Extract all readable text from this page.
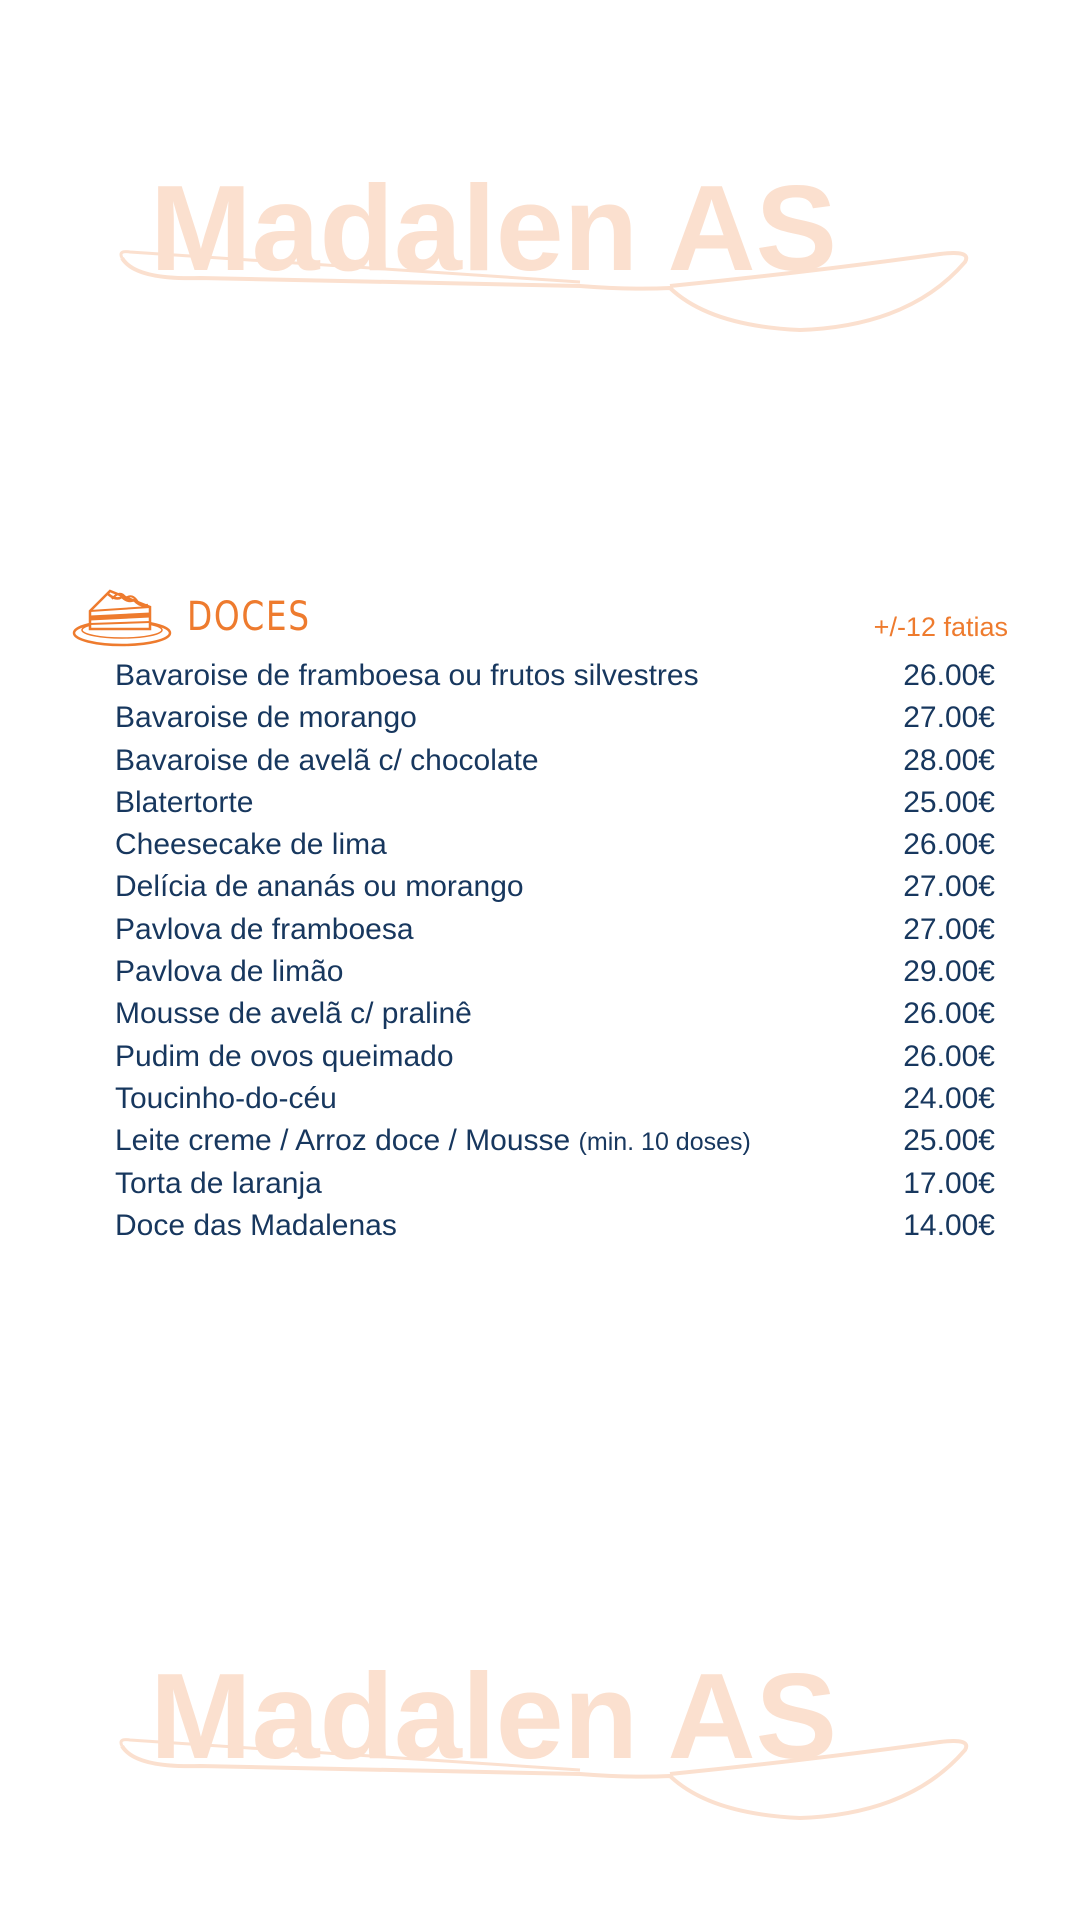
Madalen AS
DOCES	+/-12 fatias
Bavaroise de framboesa ou frutos silvestres	26.00€
Bavaroise de morango	27.00€
Bavaroise de avelã c/ chocolate	28.00€
Blatertorte	25.00€
Cheesecake de lima	26.00€
Delícia de ananás ou morango	27.00€
Pavlova de framboesa	27.00€
Pavlova de limão	29.00€
Mousse de avelã c/ pralinê	26.00€
Pudim de ovos queimado	26.00€
Toucinho-do-céu	24.00€
Leite creme / Arroz doce / Mousse (min. 10 doses)	25.00€
Torta de laranja	17.00€
Doce das Madalenas	14.00€
Madalen AS
